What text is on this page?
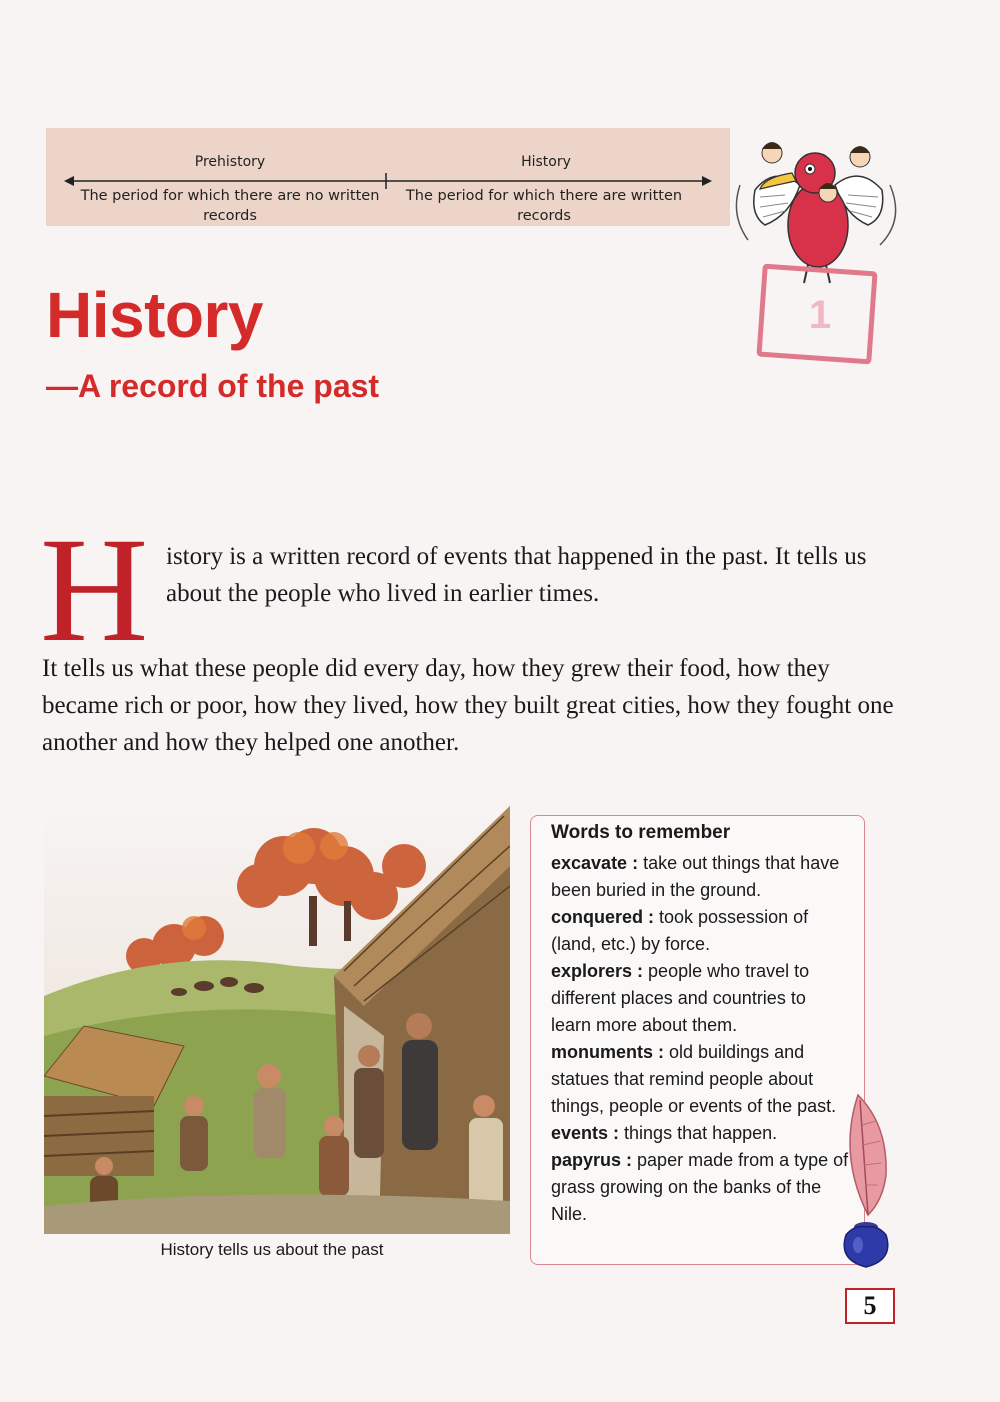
Prehistory
The period for which there are no written records
History
The period for which there are written records
1
History
—A record of the past
H istory is a written record of events that happened in the past. It tells us about the people who lived in earlier times.
It tells us what these people did every day, how they grew their food, how they became rich or poor, how they lived, how they built great cities, how they fought one another and how they helped one another.
History tells us about the past
Words to remember
excavate : take out things that have been buried in the ground.
conquered : took possession of (land, etc.) by force.
explorers : people who travel to different places and countries to learn more about them.
monuments : old buildings and statues that remind people about things, people or events of the past.
events : things that happen.
papyrus : paper made from a type of grass growing on the banks of the Nile.
5
